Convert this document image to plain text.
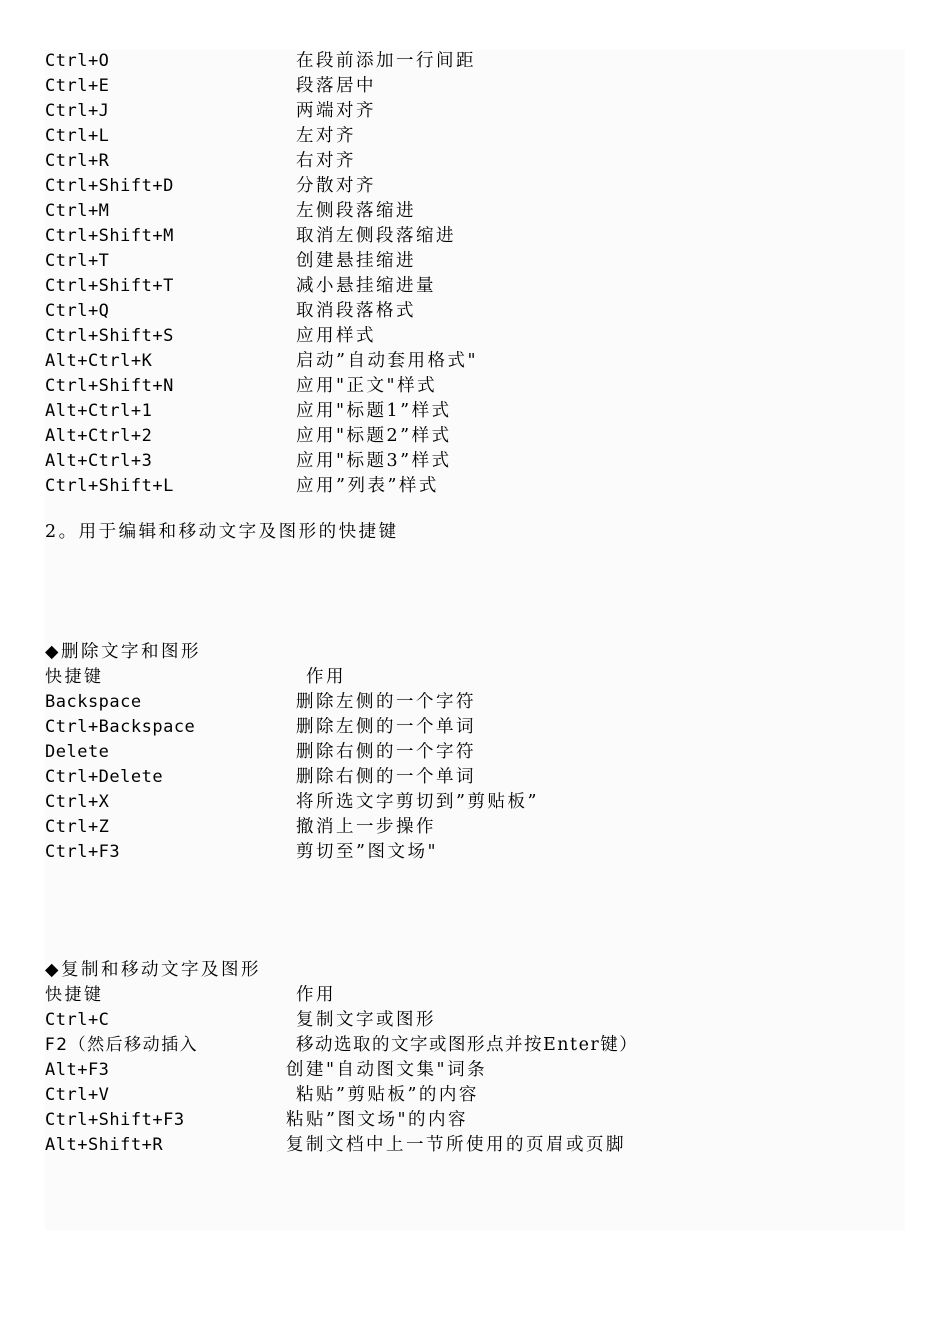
Ctrl+O	在段前添加一行间距
Ctrl+E	段落居中
Ctrl+J	两端对齐
Ctrl+L	左对齐
Ctrl+R	右对齐
Ctrl+Shift+D	分散对齐
Ctrl+M	左侧段落缩进
Ctrl+Shift+M	取消左侧段落缩进
Ctrl+T	创建悬挂缩进
Ctrl+Shift+T	减小悬挂缩进量
Ctrl+Q	取消段落格式
Ctrl+Shift+S	应用样式
Alt+Ctrl+K	启动”自动套用格式"
Ctrl+Shift+N	应用"正文"样式
Alt+Ctrl+1	应用"标题1”样式
Alt+Ctrl+2	应用"标题2”样式
Alt+Ctrl+3	应用"标题3”样式
Ctrl+Shift+L	应用”列表”样式
2。用于编辑和移动文字及图形的快捷键
◆删除文字和图形
快捷键	作用
Backspace	删除左侧的一个字符
Ctrl+Backspace	删除左侧的一个单词
Delete	删除右侧的一个字符
Ctrl+Delete	删除右侧的一个单词
Ctrl+X	将所选文字剪切到”剪贴板”
Ctrl+Z	撤消上一步操作
Ctrl+F3	剪切至”图文场"
◆复制和移动文字及图形
快捷键	作用
Ctrl+C	复制文字或图形
F2（然后移动插入	移动选取的文字或图形点并按Enter键）
Alt+F3	创建"自动图文集"词条
Ctrl+V	粘贴”剪贴板”的内容
Ctrl+Shift+F3	粘贴”图文场"的内容
Alt+Shift+R	复制文档中上一节所使用的页眉或页脚
